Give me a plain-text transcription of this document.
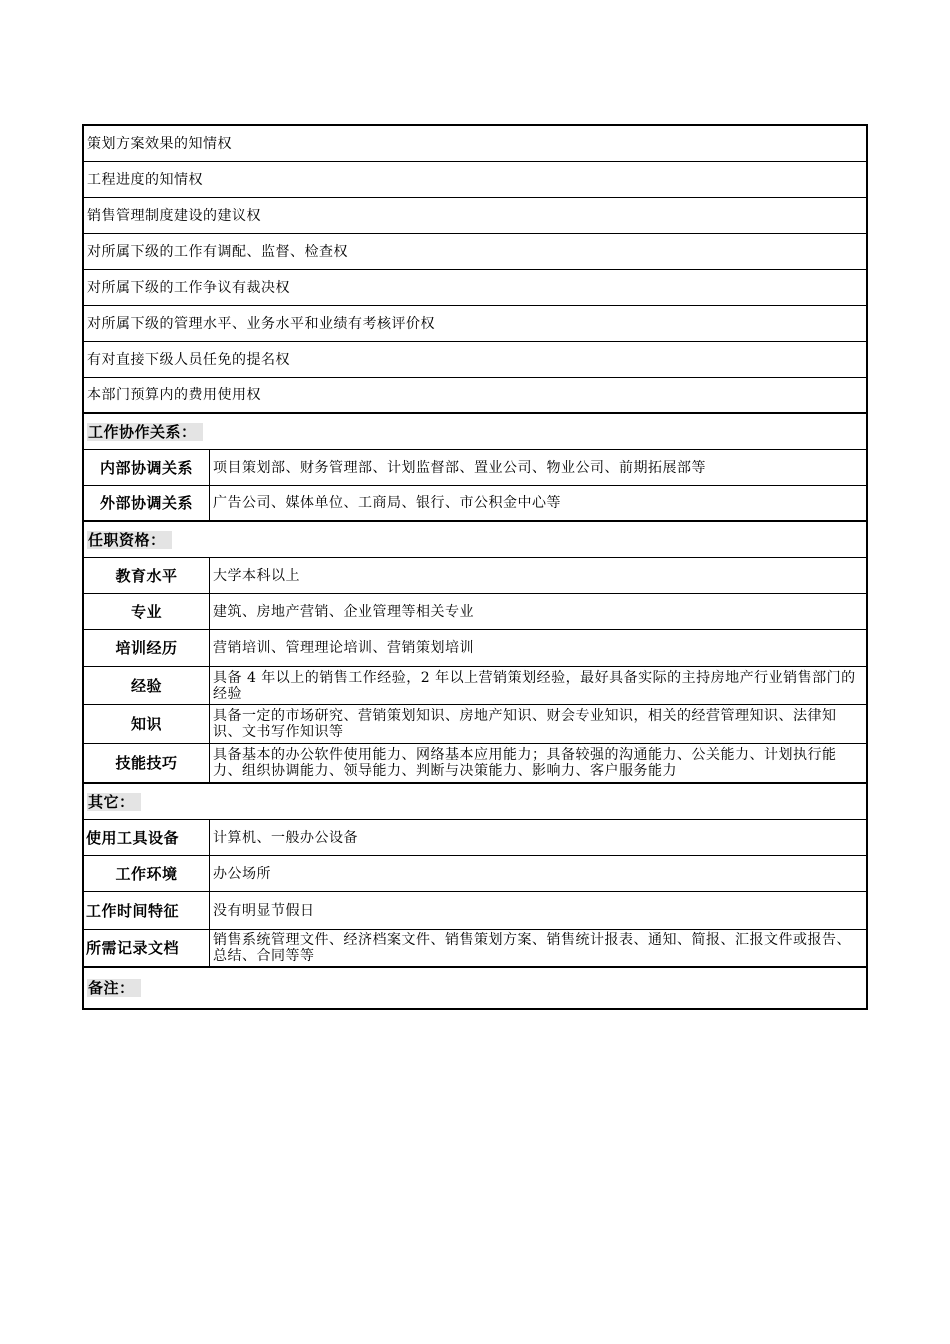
策划方案效果的知情权
工程进度的知情权
销售管理制度建设的建议权
对所属下级的工作有调配、监督、检查权
对所属下级的工作争议有裁决权
对所属下级的管理水平、业务水平和业绩有考核评价权
有对直接下级人员任免的提名权
本部门预算内的费用使用权
工作协作关系：
内部协调关系	项目策划部、财务管理部、计划监督部、置业公司、物业公司、前期拓展部等
外部协调关系	广告公司、媒体单位、工商局、银行、市公积金中心等
任职资格：
教育水平	大学本科以上
专业	建筑、房地产营销、企业管理等相关专业
培训经历	营销培训、管理理论培训、营销策划培训
经验	具备 4 年以上的销售工作经验，2 年以上营销策划经验，最好具备实际的主持房地产行业销售部门的经验
知识	具备一定的市场研究、营销策划知识、房地产知识、财会专业知识，相关的经营管理知识、法律知识、文书写作知识等
技能技巧	具备基本的办公软件使用能力、网络基本应用能力；具备较强的沟通能力、公关能力、计划执行能力、组织协调能力、领导能力、判断与决策能力、影响力、客户服务能力
其它：
使用工具设备	计算机、一般办公设备
工作环境	办公场所
工作时间特征	没有明显节假日
所需记录文档	销售系统管理文件、经济档案文件、销售策划方案、销售统计报表、通知、简报、汇报文件或报告、总结、合同等等
备注：
